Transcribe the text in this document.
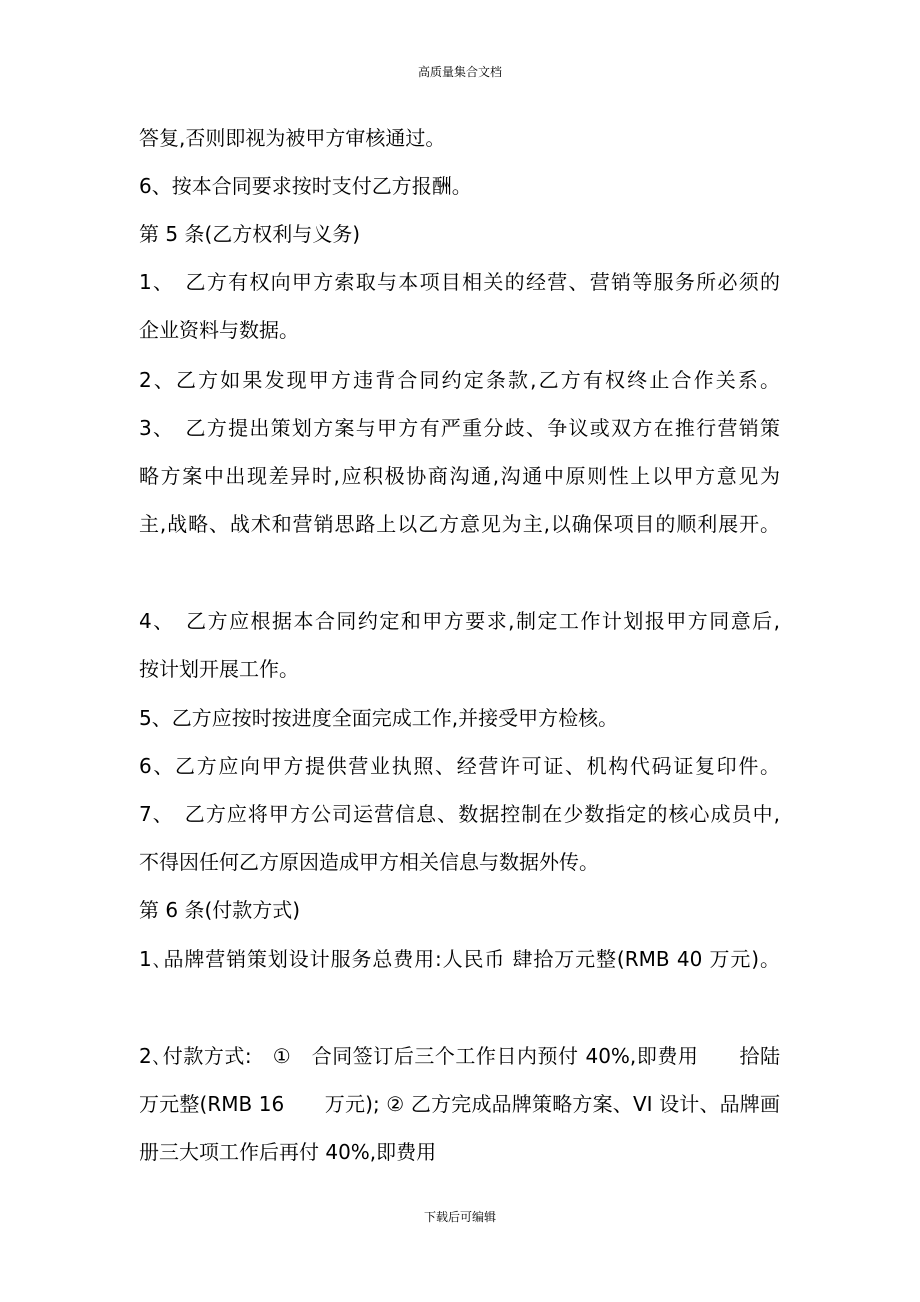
高质量集合文档
答复,否则即视为被甲方审核通过。
6、按本合同要求按时支付乙方报酬。
第 5 条(乙方权利与义务)
1、　乙方有权向甲方索取与本项目相关的经营、营销等服务所必须的
企业资料与数据。
2、乙方如果发现甲方违背合同约定条款,乙方有权终止合作关系。
3、　乙方提出策划方案与甲方有严重分歧、争议或双方在推行营销策
略方案中出现差异时,应积极协商沟通,沟通中原则性上以甲方意见为
主,战略、战术和营销思路上以乙方意见为主,以确保项目的顺利展开。
4、　乙方应根据本合同约定和甲方要求,制定工作计划报甲方同意后,
按计划开展工作。
5、乙方应按时按进度全面完成工作,并接受甲方检核。
6、乙方应向甲方提供营业执照、经营许可证、机构代码证复印件。
7、　乙方应将甲方公司运营信息、数据控制在少数指定的核心成员中,
不得因任何乙方原因造成甲方相关信息与数据外传。
第 6 条(付款方式)
1､品牌营销策划设计服务总费用:人民币 肆拾万元整(RMB 40 万元)。
2､付款方式:　①　合同签订后三个工作日内预付 40%,即费用　　拾陆
万元整(RMB 16　　万元); ② 乙方完成品牌策略方案、VI 设计、品牌画
册三大项工作后再付 40%,即费用
下载后可编辑
